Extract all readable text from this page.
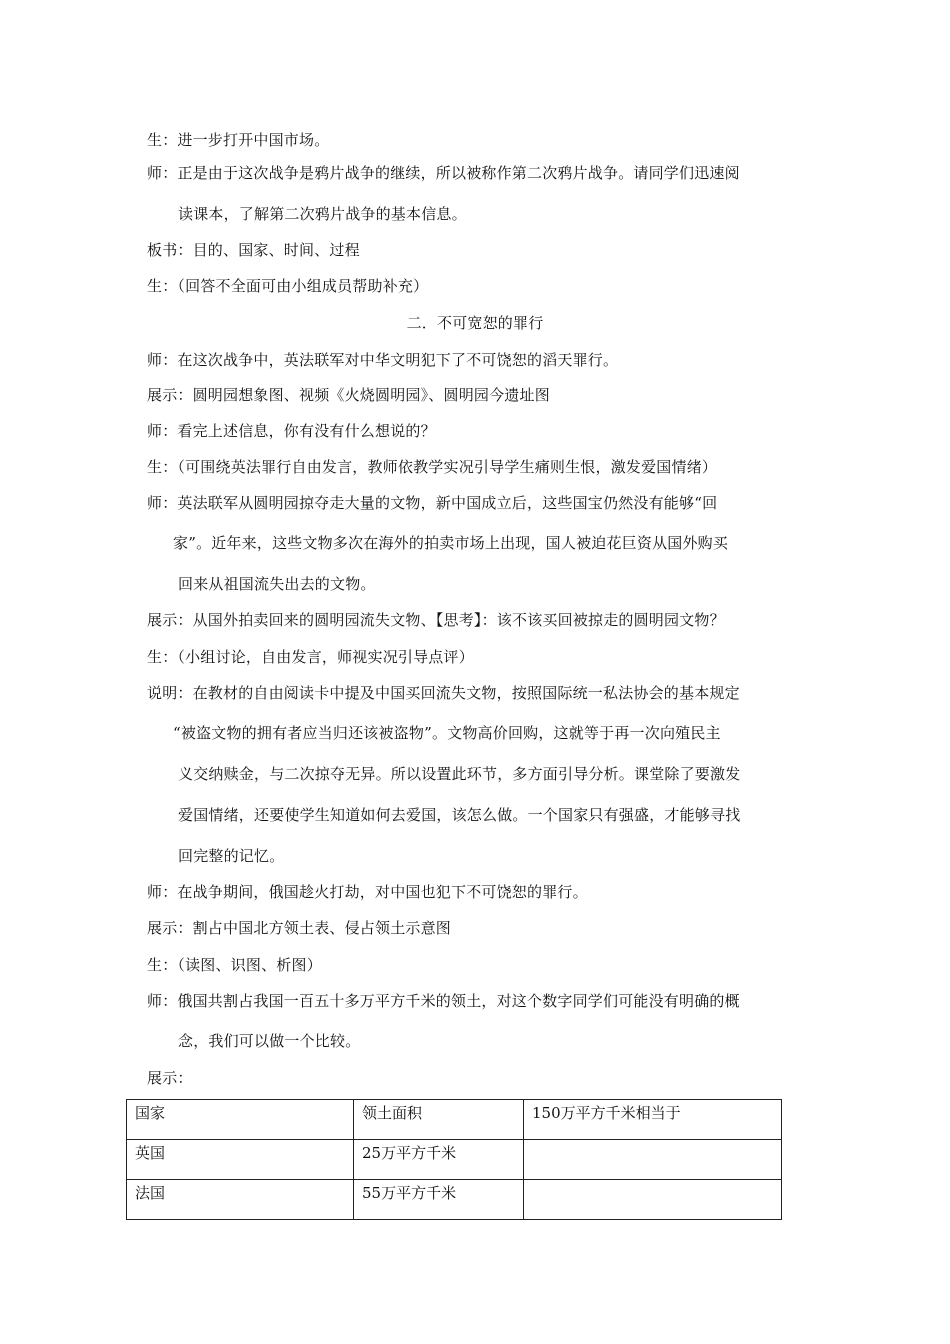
生：进一步打开中国市场。
师：正是由于这次战争是鸦片战争的继续，所以被称作第二次鸦片战争。请同学们迅速阅
读课本，了解第二次鸦片战争的基本信息。
板书：目的、国家、时间、过程
生：（回答不全面可由小组成员帮助补充）
二．不可宽恕的罪行
师：在这次战争中，英法联军对中华文明犯下了不可饶恕的滔天罪行。
展示：圆明园想象图、视频《火烧圆明园》、圆明园今遗址图
师：看完上述信息，你有没有什么想说的？
生：（可围绕英法罪行自由发言，教师依教学实况引导学生痛则生恨，激发爱国情绪）
师：英法联军从圆明园掠夺走大量的文物，新中国成立后，这些国宝仍然没有能够“回
家”。近年来，这些文物多次在海外的拍卖市场上出现，国人被迫花巨资从国外购买
回来从祖国流失出去的文物。
展示：从国外拍卖回来的圆明园流失文物、【思考】：该不该买回被掠走的圆明园文物？
生：（小组讨论，自由发言，师视实况引导点评）
说明：在教材的自由阅读卡中提及中国买回流失文物，按照国际统一私法协会的基本规定
“被盗文物的拥有者应当归还该被盗物”。文物高价回购，这就等于再一次向殖民主
义交纳赎金，与二次掠夺无异。所以设置此环节，多方面引导分析。课堂除了要激发
爱国情绪，还要使学生知道如何去爱国，该怎么做。一个国家只有强盛，才能够寻找
回完整的记忆。
师：在战争期间，俄国趁火打劫，对中国也犯下不可饶恕的罪行。
展示：割占中国北方领土表、侵占领土示意图
生：（读图、识图、析图）
师：俄国共割占我国一百五十多万平方千米的领土，对这个数字同学们可能没有明确的概
念，我们可以做一个比较。
展示：
国家	领土面积	150万平方千米相当于
英国	25万平方千米	
法国	55万平方千米	
